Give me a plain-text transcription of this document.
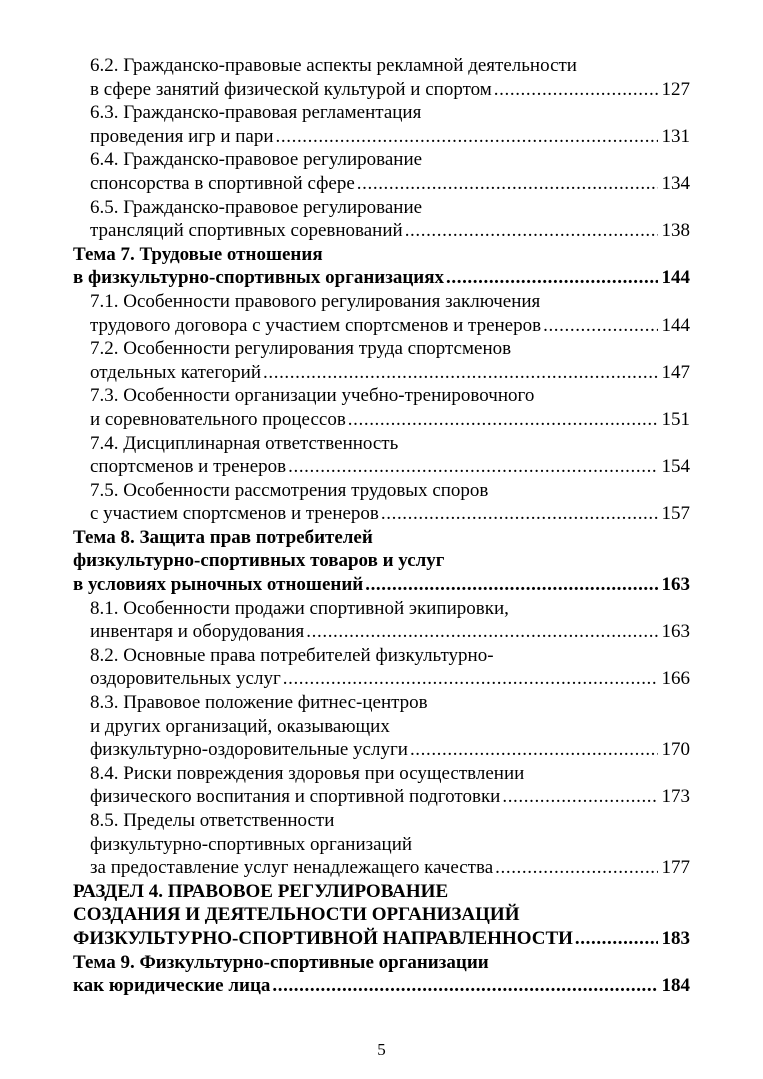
6.2. Гражданско-правовые аспекты рекламной деятельности
в сфере занятий физической культурой и спортом .....	127
6.3. Гражданско-правовая регламентация
проведения игр и пари .....	131
6.4. Гражданско-правовое регулирование
спонсорства в спортивной сфере .....	134
6.5. Гражданско-правовое регулирование
трансляций спортивных соревнований .....	138
Тема 7. Трудовые отношения
в физкультурно-спортивных организациях .....	144
7.1. Особенности правового регулирования заключения
трудового договора с участием спортсменов и тренеров .....	144
7.2. Особенности регулирования труда спортсменов
отдельных категорий .....	147
7.3. Особенности организации учебно-тренировочного
и соревновательного процессов .....	151
7.4. Дисциплинарная ответственность
спортсменов и тренеров .....	154
7.5. Особенности рассмотрения трудовых споров
с участием спортсменов и тренеров .....	157
Тема 8. Защита прав потребителей
физкультурно-спортивных товаров и услуг
в условиях рыночных отношений .....	163
8.1. Особенности продажи спортивной экипировки,
инвентаря и оборудования .....	163
8.2. Основные права потребителей физкультурно-
оздоровительных услуг .....	166
8.3. Правовое положение фитнес-центров
и других организаций, оказывающих
физкультурно-оздоровительные услуги .....	170
8.4. Риски повреждения здоровья при осуществлении
физического воспитания и спортивной подготовки .....	173
8.5. Пределы ответственности
физкультурно-спортивных организаций
за предоставление услуг ненадлежащего качества .....	177
РАЗДЕЛ 4. ПРАВОВОЕ РЕГУЛИРОВАНИЕ
СОЗДАНИЯ И ДЕЯТЕЛЬНОСТИ ОРГАНИЗАЦИЙ
ФИЗКУЛЬТУРНО-СПОРТИВНОЙ НАПРАВЛЕННОСТИ .....	183
Тема 9. Физкультурно-спортивные организации
как юридические лица .....	184
5
